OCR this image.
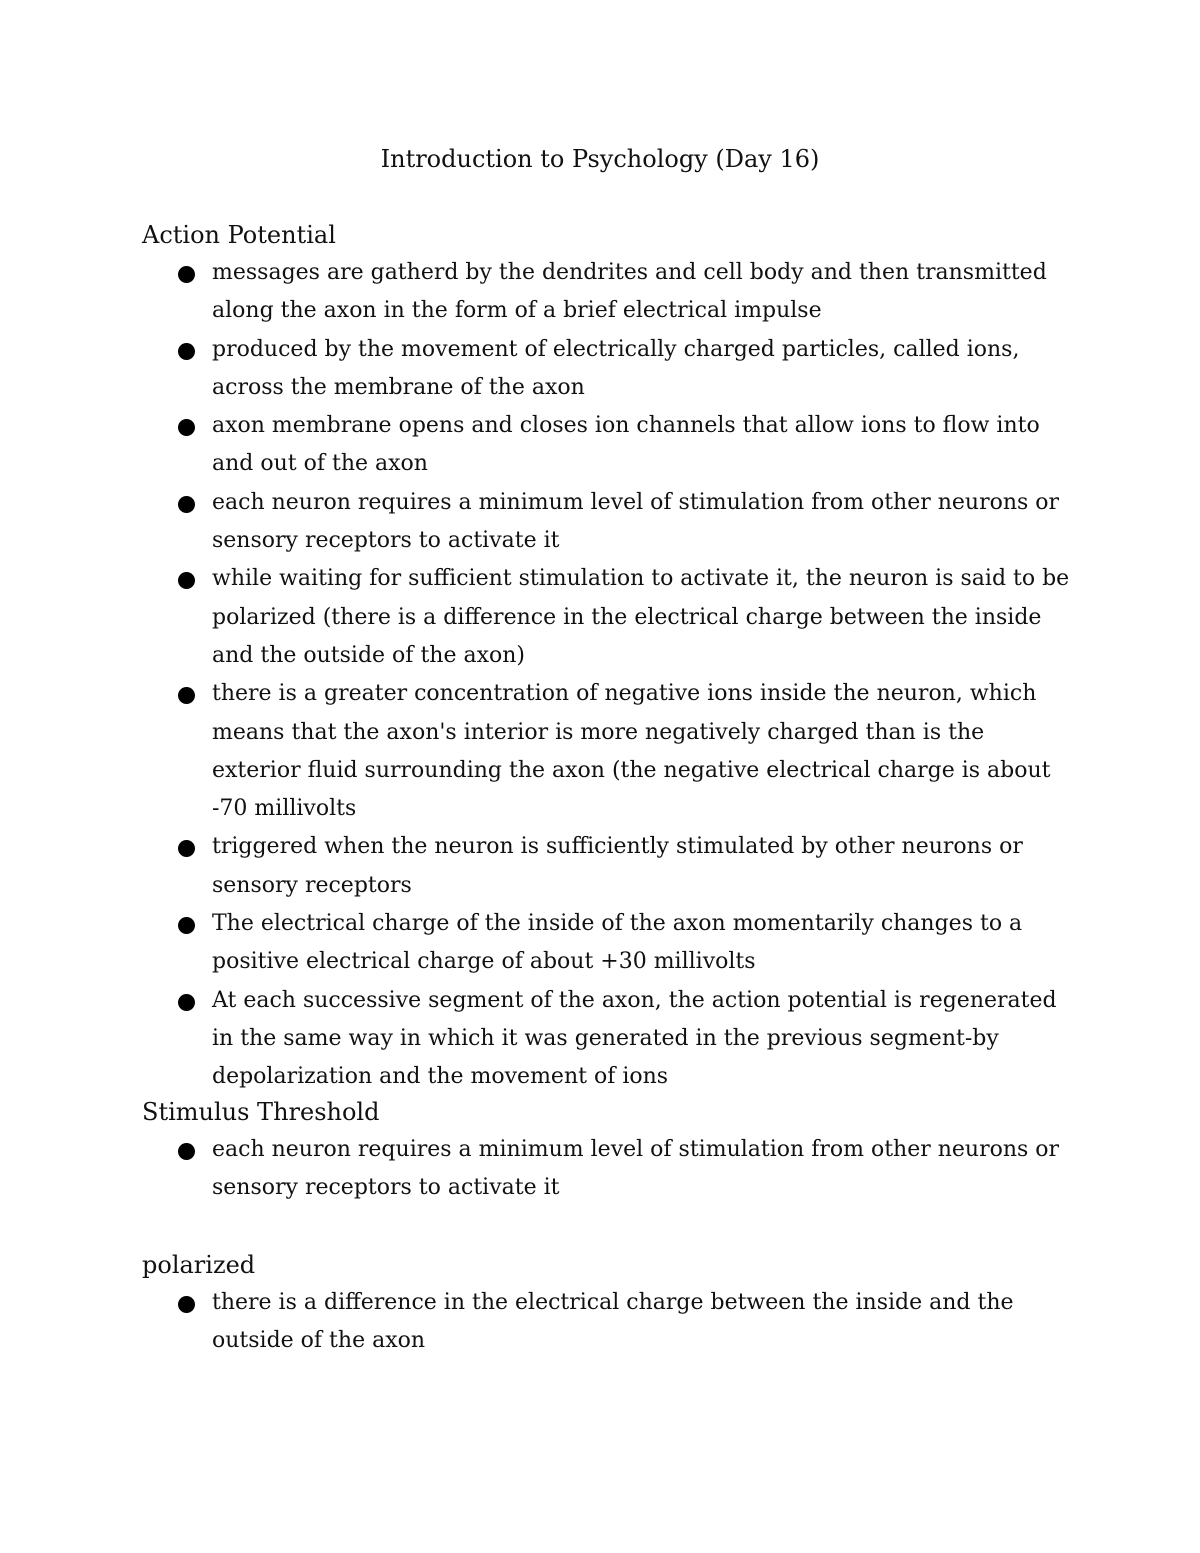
Introduction to Psychology (Day 16)
Action Potential
messages are gatherd by the dendrites and cell body and then transmitted along the axon in the form of a brief electrical impulse
produced by the movement of electrically charged particles, called ions, across the membrane of the axon
axon membrane opens and closes ion channels that allow ions to flow into and out of the axon
each neuron requires a minimum level of stimulation from other neurons or sensory receptors to activate it
while waiting for sufficient stimulation to activate it, the neuron is said to be polarized (there is a difference in the electrical charge between the inside and the outside of the axon)
there is a greater concentration of negative ions inside the neuron, which means that the axon's interior is more negatively charged than is the exterior fluid surrounding the axon (the negative electrical charge is about -70 millivolts
triggered when the neuron is sufficiently stimulated by other neurons or sensory receptors
The electrical charge of the inside of the axon momentarily changes to a positive electrical charge of about +30 millivolts
At each successive segment of the axon, the action potential is regenerated in the same way in which it was generated in the previous segment-by depolarization and the movement of ions
Stimulus Threshold
each neuron requires a minimum level of stimulation from other neurons or sensory receptors to activate it
polarized
there is a difference in the electrical charge between the inside and the outside of the axon
